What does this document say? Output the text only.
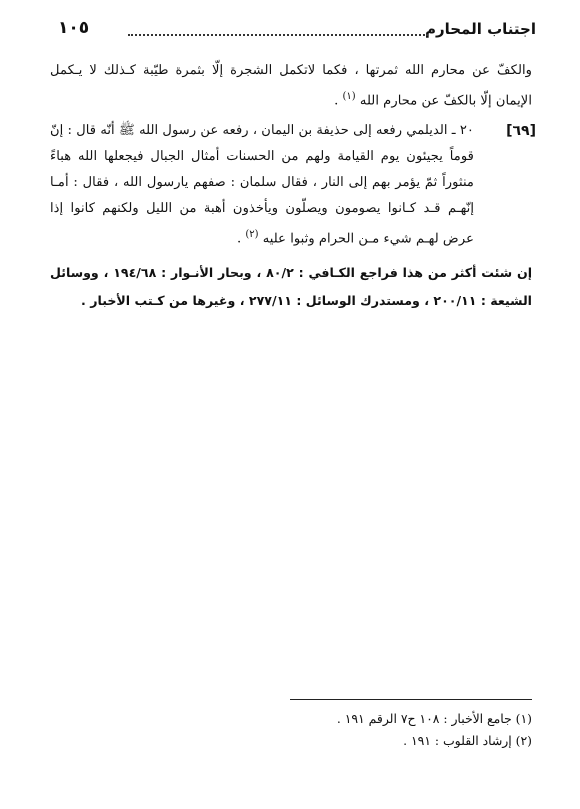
اجتناب المحارم
١٠٥

والكفّ عن محارم الله ثمرتها ، فكما لاتكمل الشجرة إلّا بثمرة طيّبة كـذلك لا يـكمل الإيمان إلّا بالكفّ عن محارم الله $^{(١)}$ .

[٦٩]
٢٠ ـ الديلمي رفعه إلى حذيفة بن اليمان ، رفعه عن رسول الله ﷺ أنّه قال : إنّ قوماً يجيئون يوم القيامة ولهم من الحسنات أمثال الجبال فيجعلها الله هباءً منثوراً ثمّ يؤمر بهم إلى النار ، فقال سلمان : صفهم يارسول الله ، فقال : أمـا إنّهـم قـد كـانوا يصومون ويصلّون ويأخذون أهبة من الليل ولكنهم كانوا إذا عرض لهـم شيء مـن الحرام وثبوا عليه $^{(٢)}$ .

إن شئت أكثر من هذا فراجع الكـافي : ٨٠/٢ ، وبحار الأنـوار : ١٩٤/٦٨ ، ووسائل الشيعة : ٢٠٠/١١ ، ومستدرك الوسائل : ٢٧٧/١١ ، وغيرها من كـتب الأخبار .

(١) جامع الأخبار : ١٠٨ ح٧ الرقم ١٩١ .
(٢) إرشاد القلوب : ١٩١ .
